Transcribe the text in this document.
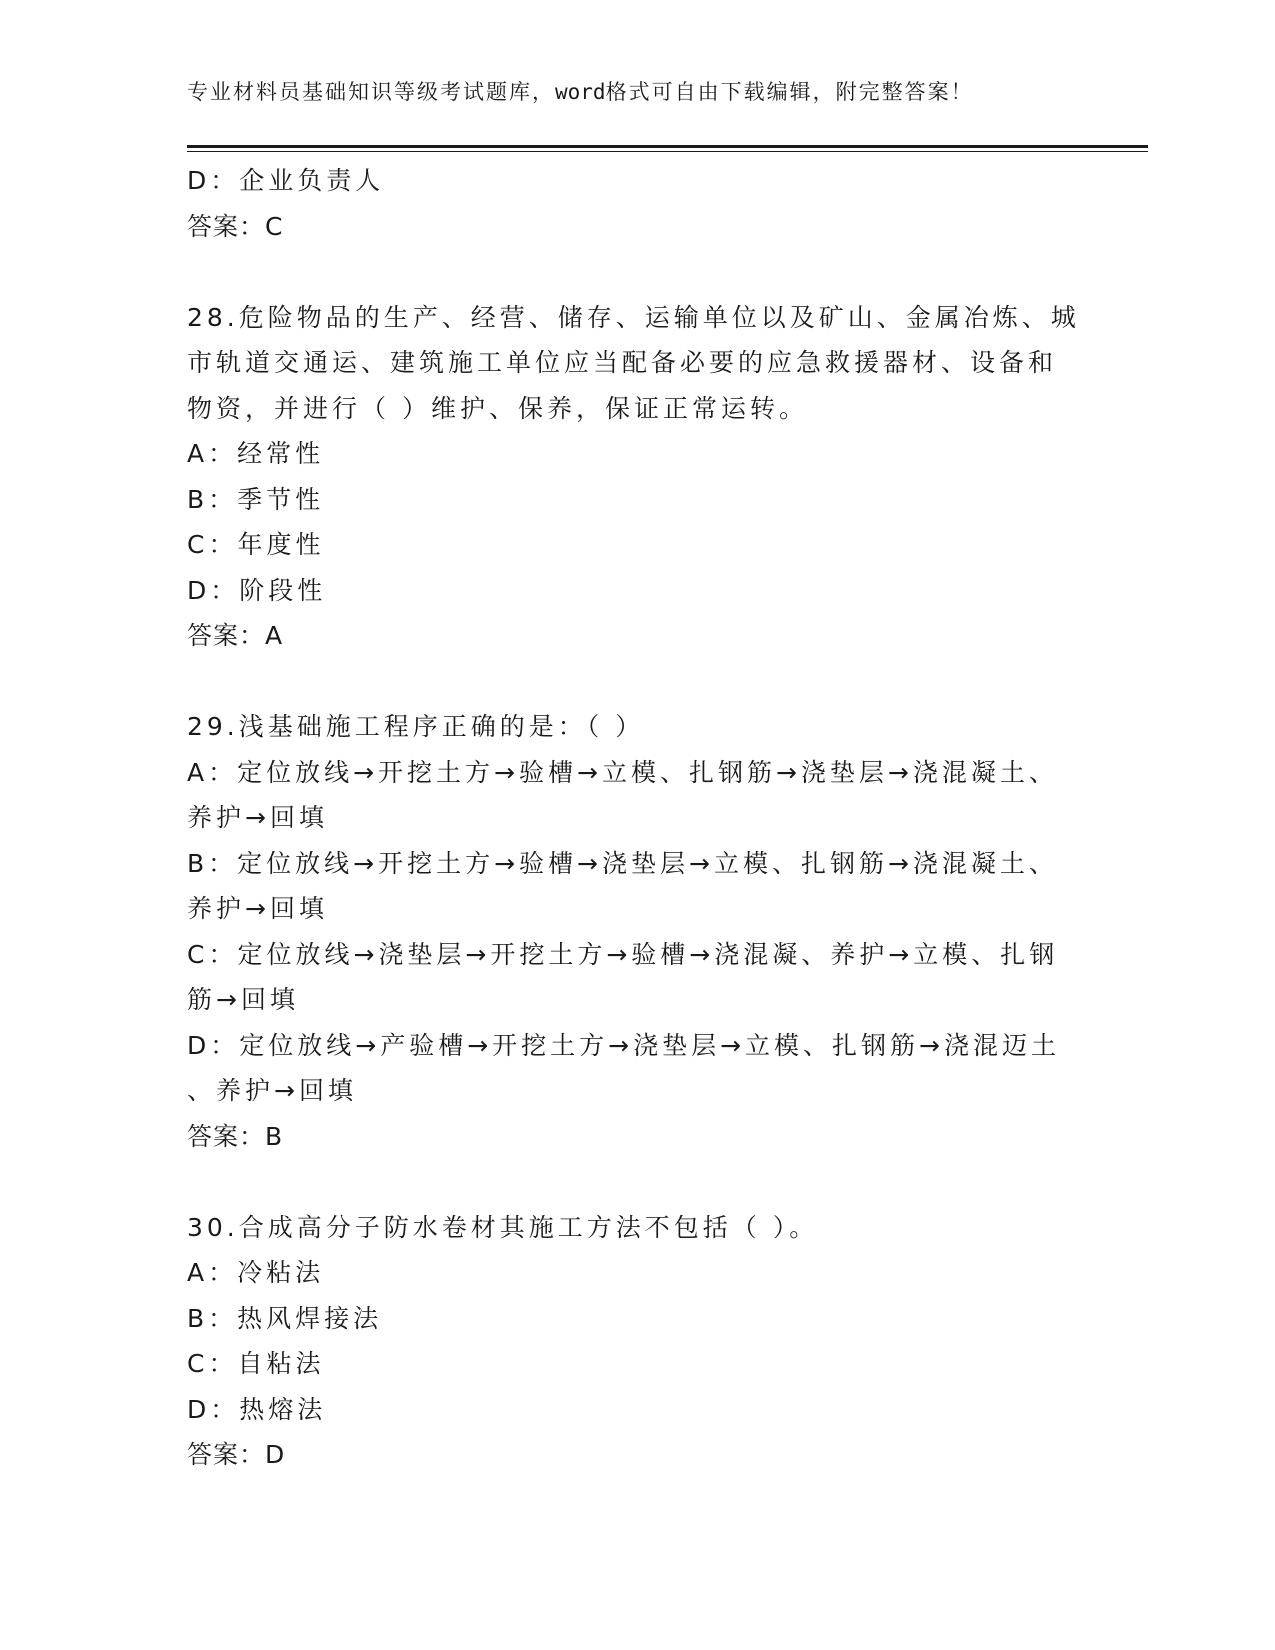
专业材料员基础知识等级考试题库，word格式可自由下载编辑，附完整答案！
D：企业负责人
答案：C
28.危险物品的生产、经营、储存、运输单位以及矿山、金属冶炼、城
市轨道交通运、建筑施工单位应当配备必要的应急救援器材、设备和
物资，并进行（ ）维护、保养，保证正常运转。
A：经常性
B：季节性
C：年度性
D：阶段性
答案：A
29.浅基础施工程序正确的是：（ ）
A：定位放线→开挖土方→验槽→立模、扎钢筋→浇垫层→浇混凝土、
养护→回填
B：定位放线→开挖土方→验槽→浇垫层→立模、扎钢筋→浇混凝土、
养护→回填
C：定位放线→浇垫层→开挖土方→验槽→浇混凝、养护→立模、扎钢
筋→回填
D：定位放线→产验槽→开挖土方→浇垫层→立模、扎钢筋→浇混迈土
、养护→回填
答案：B
30.合成高分子防水卷材其施工方法不包括（ ）。
A：冷粘法
B：热风焊接法
C：自粘法
D：热熔法
答案：D
